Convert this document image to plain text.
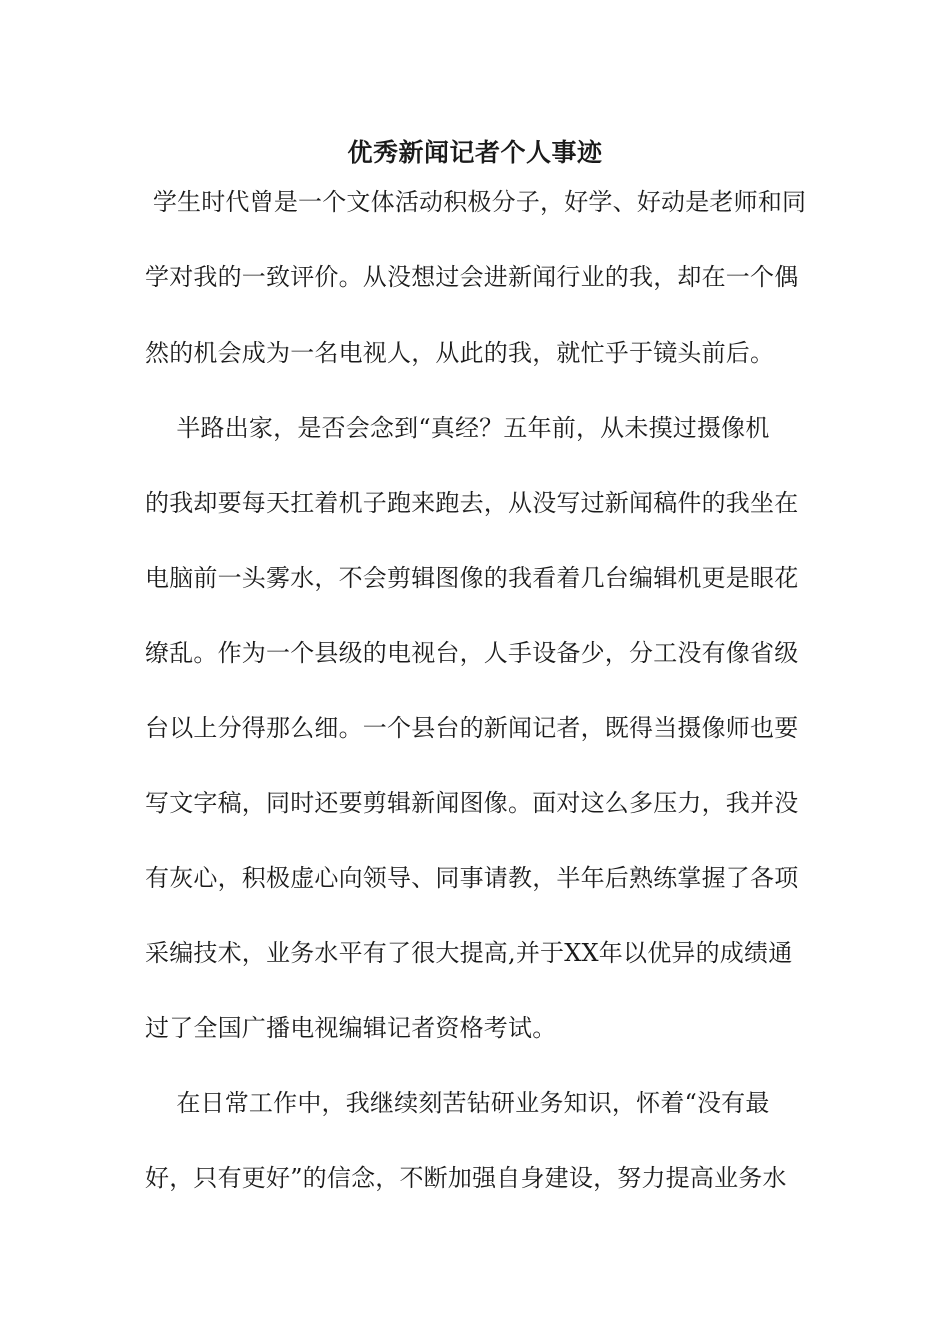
优秀新闻记者个人事迹
学生时代曾是一个文体活动积极分子，好学、好动是老师和同
学对我的一致评价。从没想过会进新闻行业的我，却在一个偶
然的机会成为一名电视人，从此的我，就忙乎于镜头前后。
半路出家，是否会念到“真经？五年前，从未摸过摄像机
的我却要每天扛着机子跑来跑去，从没写过新闻稿件的我坐在
电脑前一头雾水，不会剪辑图像的我看着几台编辑机更是眼花
缭乱。作为一个县级的电视台，人手设备少，分工没有像省级
台以上分得那么细。一个县台的新闻记者，既得当摄像师也要
写文字稿，同时还要剪辑新闻图像。面对这么多压力，我并没
有灰心，积极虚心向领导、同事请教，半年后熟练掌握了各项
采编技术，业务水平有了很大提高,并于XX年以优异的成绩通
过了全国广播电视编辑记者资格考试。
在日常工作中，我继续刻苦钻研业务知识，怀着“没有最
好，只有更好”的信念，不断加强自身建设，努力提高业务水
